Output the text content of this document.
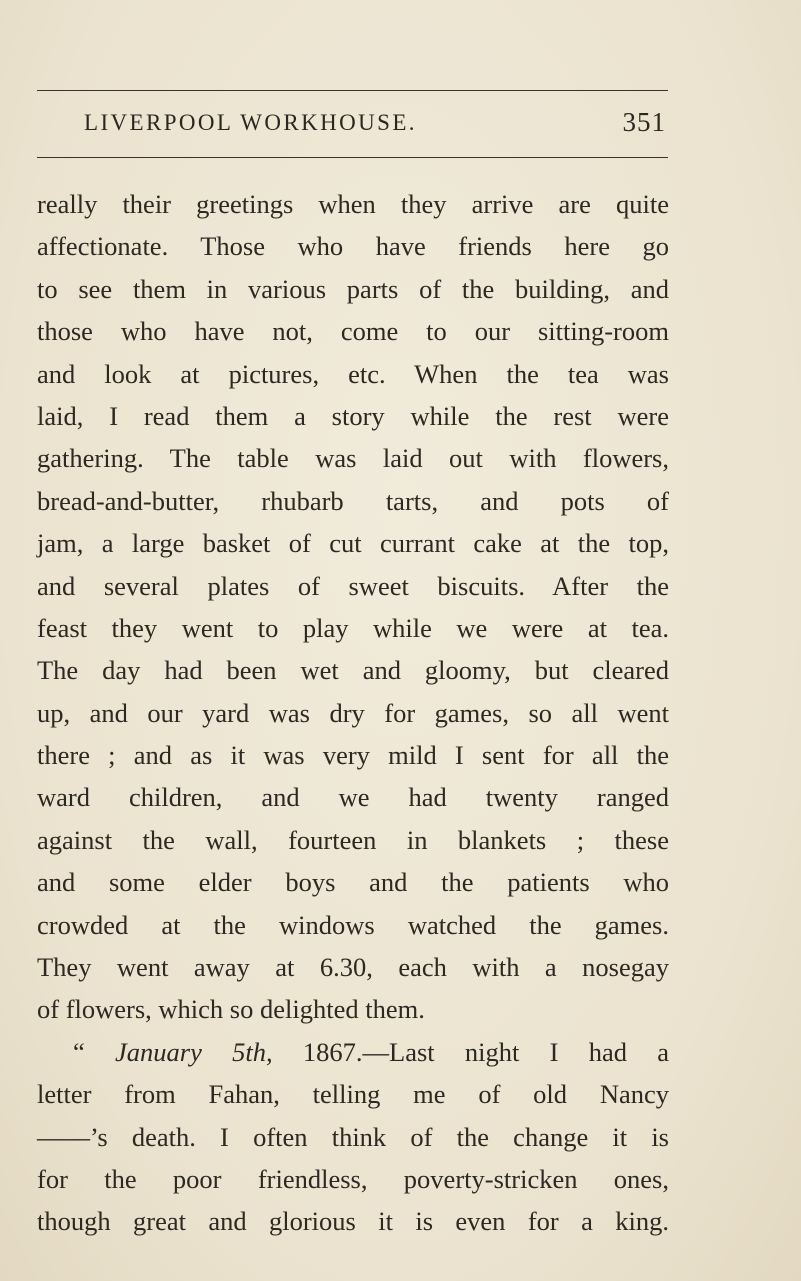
LIVERPOOL WORKHOUSE.	351
really their greetings when they arrive are quite
affectionate. Those who have friends here go
to see them in various parts of the building, and
those who have not, come to our sitting-room
and look at pictures, etc. When the tea was
laid, I read them a story while the rest were
gathering. The table was laid out with flowers,
bread-and-butter, rhubarb tarts, and pots of
jam, a large basket of cut currant cake at the top,
and several plates of sweet biscuits. After the
feast they went to play while we were at tea.
The day had been wet and gloomy, but cleared
up, and our yard was dry for games, so all went
there ; and as it was very mild I sent for all the
ward children, and we had twenty ranged
against the wall, fourteen in blankets ; these
and some elder boys and the patients who
crowded at the windows watched the games.
They went away at 6.30, each with a nosegay
of flowers, which so delighted them.
“ January 5th, 1867.—Last night I had a
letter from Fahan, telling me of old Nancy
——’s death. I often think of the change it is
for the poor friendless, poverty-stricken ones,
though great and glorious it is even for a king.
